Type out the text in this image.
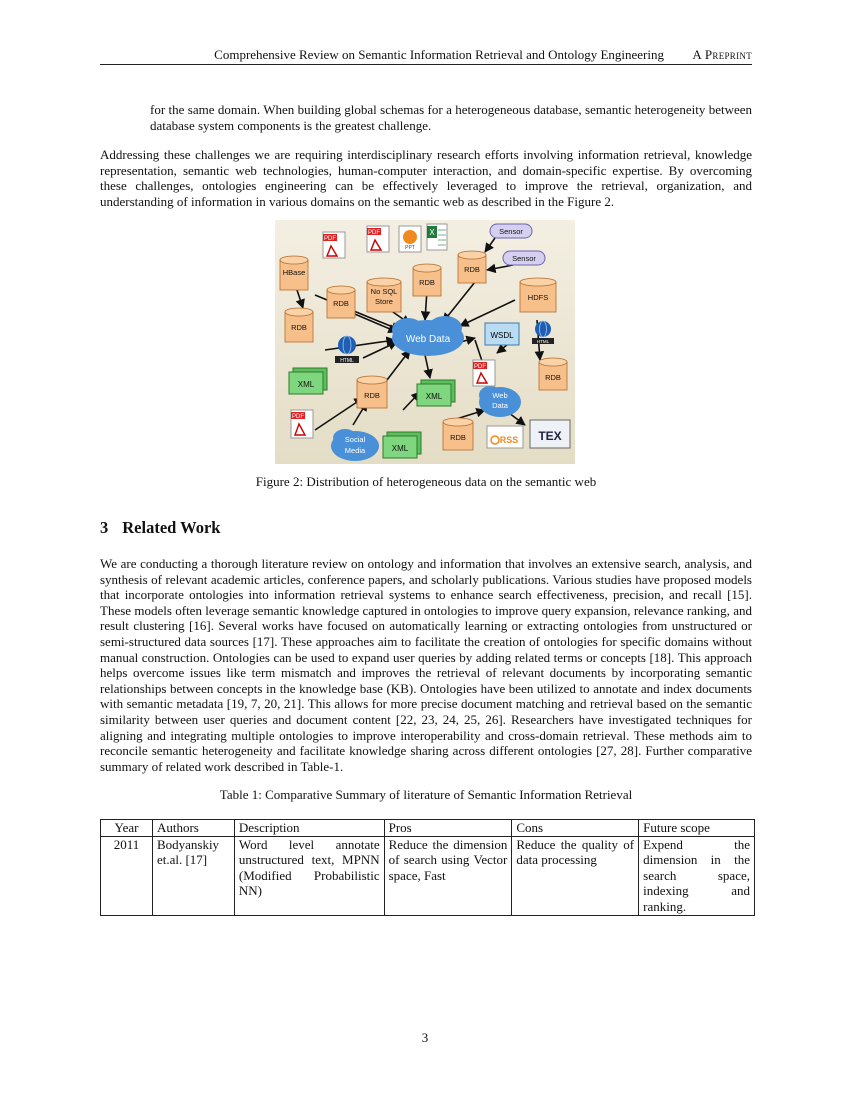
Comprehensive Review on Semantic Information Retrieval and Ontology Engineering A Preprint

for the same domain. When building global schemas for a heterogeneous database, semantic heterogeneity between database system components is the greatest challenge.

Addressing these challenges we are requiring interdisciplinary research efforts involving information retrieval, knowledge representation, semantic web technologies, human-computer interaction, and domain-specific expertise. By overcoming these challenges, ontologies engineering can be effectively leveraged to improve the retrieval, organization, and understanding of information in various domains on the semantic web as described in the Figure 2.

Web Data
Web
Data
Social
Media
HBase
RDB
RDB
No SQL
Store
RDB
RDB
HDFS
RDB
RDB
RDB
XML
XML
XML
WSDL
Sensor
Sensor
PDF
PDF
PDF
PDF
PPT
X
HTML
HTML
RSS TEX
Figure 2: Distribution of heterogeneous data on the semantic web
3 Related Work

We are conducting a thorough literature review on ontology and information that involves an extensive search, analysis, and synthesis of relevant academic articles, conference papers, and scholarly publications. Various studies have proposed models that incorporate ontologies into information retrieval systems to enhance search effectiveness, precision, and recall [15]. These models often leverage semantic knowledge captured in ontologies to improve query expansion, relevance ranking, and result clustering [16]. Several works have focused on automatically learning or extracting ontologies from unstructured or semi-structured data sources [17]. These approaches aim to facilitate the creation of ontologies for specific domains without manual construction. Ontologies can be used to expand user queries by adding related terms or concepts [18]. This approach helps overcome issues like term mismatch and improves the retrieval of relevant documents by incorporating semantic relationships between concepts in the knowledge base (KB). Ontologies have been utilized to annotate and index documents with semantic metadata [19, 7, 20, 21]. This allows for more precise document matching and retrieval based on the semantic similarity between user queries and document content [22, 23, 24, 25, 26]. Researchers have investigated techniques for aligning and integrating multiple ontologies to improve interoperability and cross-domain retrieval. These methods aim to reconcile semantic heterogeneity and facilitate knowledge sharing across different ontologies [27, 28]. Further comparative summary of related work described in Table-1.

Table 1: Comparative Summary of literature of Semantic Information Retrieval
Year	Authors	Description	Pros	Cons	Future scope
2011	Bodyanskiy et.al. [17]	Word level annotate unstructured text, MPNN (Modified Probabilistic NN)	Reduce the dimension of search using Vector space, Fast	Reduce the quality of data processing	Expend the dimension in the search space, indexing and ranking.
3
